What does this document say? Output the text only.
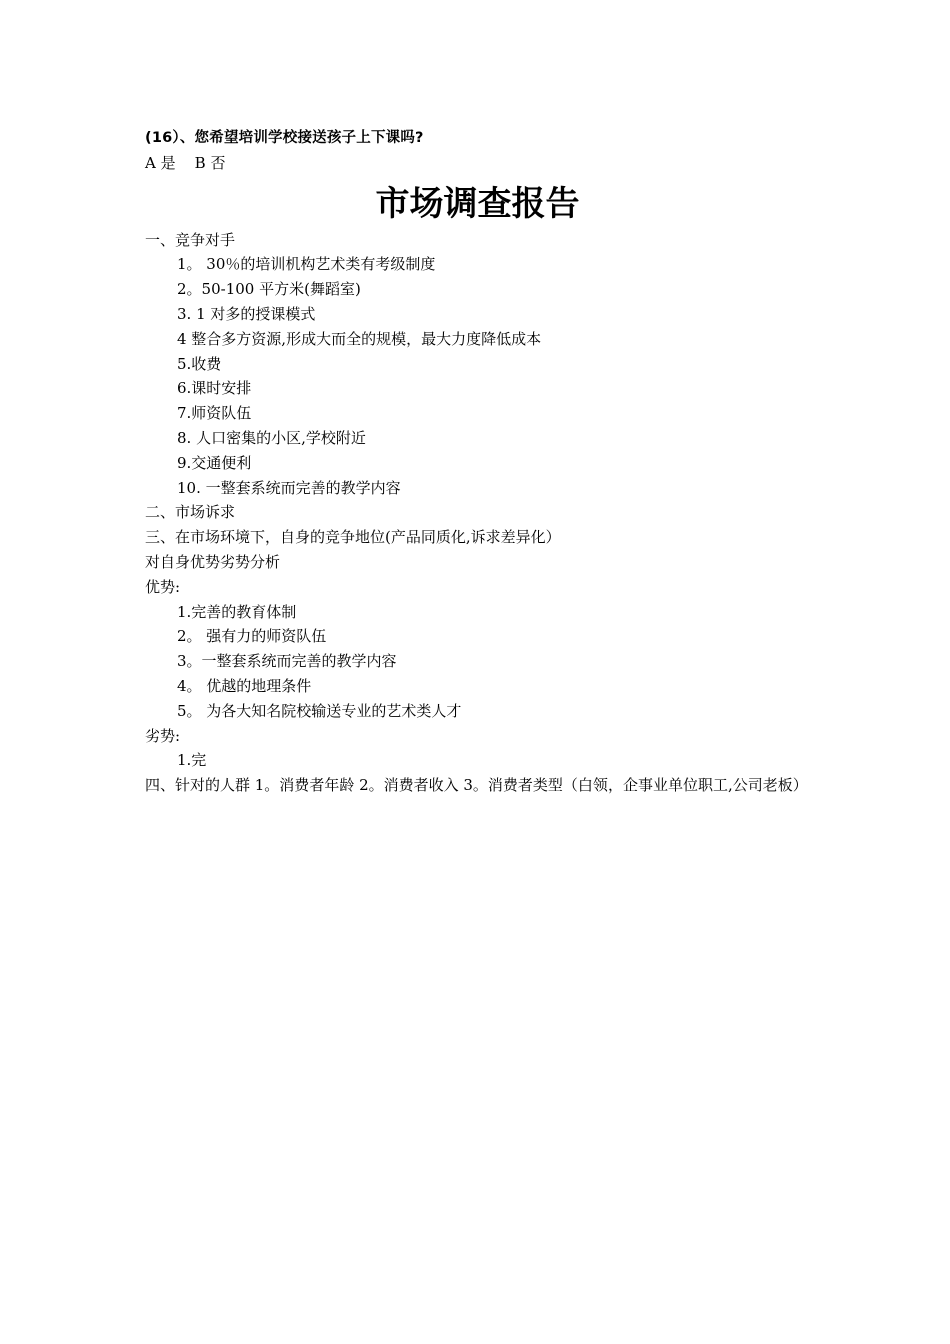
(16）、您希望培训学校接送孩子上下课吗?
A 是    B 否
市场调查报告
一、竞争对手
1。 30％的培训机构艺术类有考级制度
2。50-100 平方米(舞蹈室)
3. 1 对多的授课模式
4 整合多方资源,形成大而全的规模，最大力度降低成本
5.收费
6.课时安排
7.师资队伍
8. 人口密集的小区,学校附近
9.交通便利
10. 一整套系统而完善的教学内容
二、市场诉求
三、在市场环境下，自身的竞争地位(产品同质化,诉求差异化）
对自身优势劣势分析
优势:
1.完善的教育体制
2。 强有力的师资队伍
3。一整套系统而完善的教学内容
4。 优越的地理条件
5。 为各大知名院校输送专业的艺术类人才
劣势:
1.完
四、针对的人群 1。消费者年龄 2。消费者收入 3。消费者类型（白领，企事业单位职工,公司老板）
